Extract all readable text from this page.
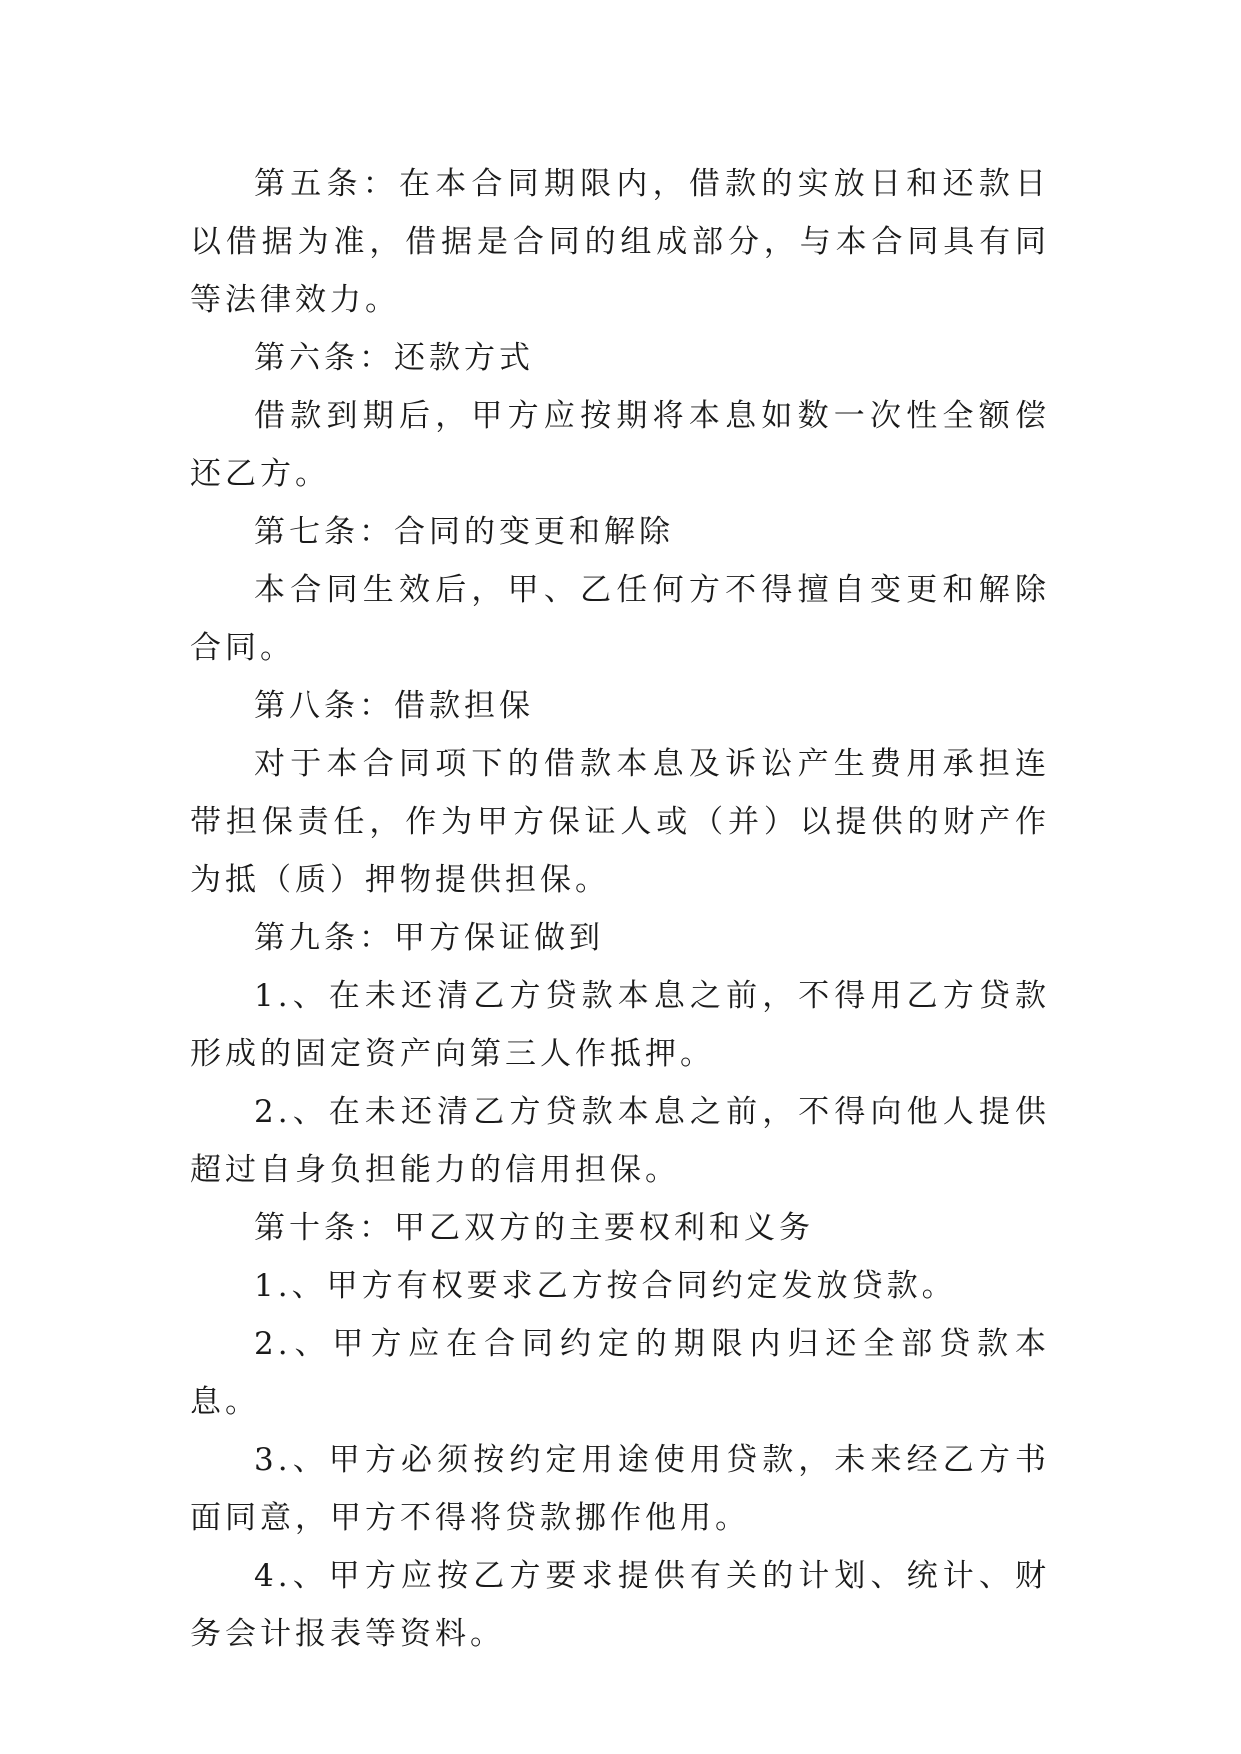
第五条：在本合同期限内，借款的实放日和还款日以借据为准，借据是合同的组成部分，与本合同具有同等法律效力。

第六条：还款方式

借款到期后，甲方应按期将本息如数一次性全额偿还乙方。

第七条：合同的变更和解除

本合同生效后，甲、乙任何方不得擅自变更和解除合同。

第八条：借款担保

对于本合同项下的借款本息及诉讼产生费用承担连带担保责任，作为甲方保证人或（并）以提供的财产作为抵（质）押物提供担保。

第九条：甲方保证做到

1.、在未还清乙方贷款本息之前，不得用乙方贷款形成的固定资产向第三人作抵押。

2.、在未还清乙方贷款本息之前，不得向他人提供超过自身负担能力的信用担保。

第十条：甲乙双方的主要权利和义务

1.、甲方有权要求乙方按合同约定发放贷款。

2.、甲方应在合同约定的期限内归还全部贷款本息。

3.、甲方必须按约定用途使用贷款，未来经乙方书面同意，甲方不得将贷款挪作他用。

4.、甲方应按乙方要求提供有关的计划、统计、财务会计报表等资料。
